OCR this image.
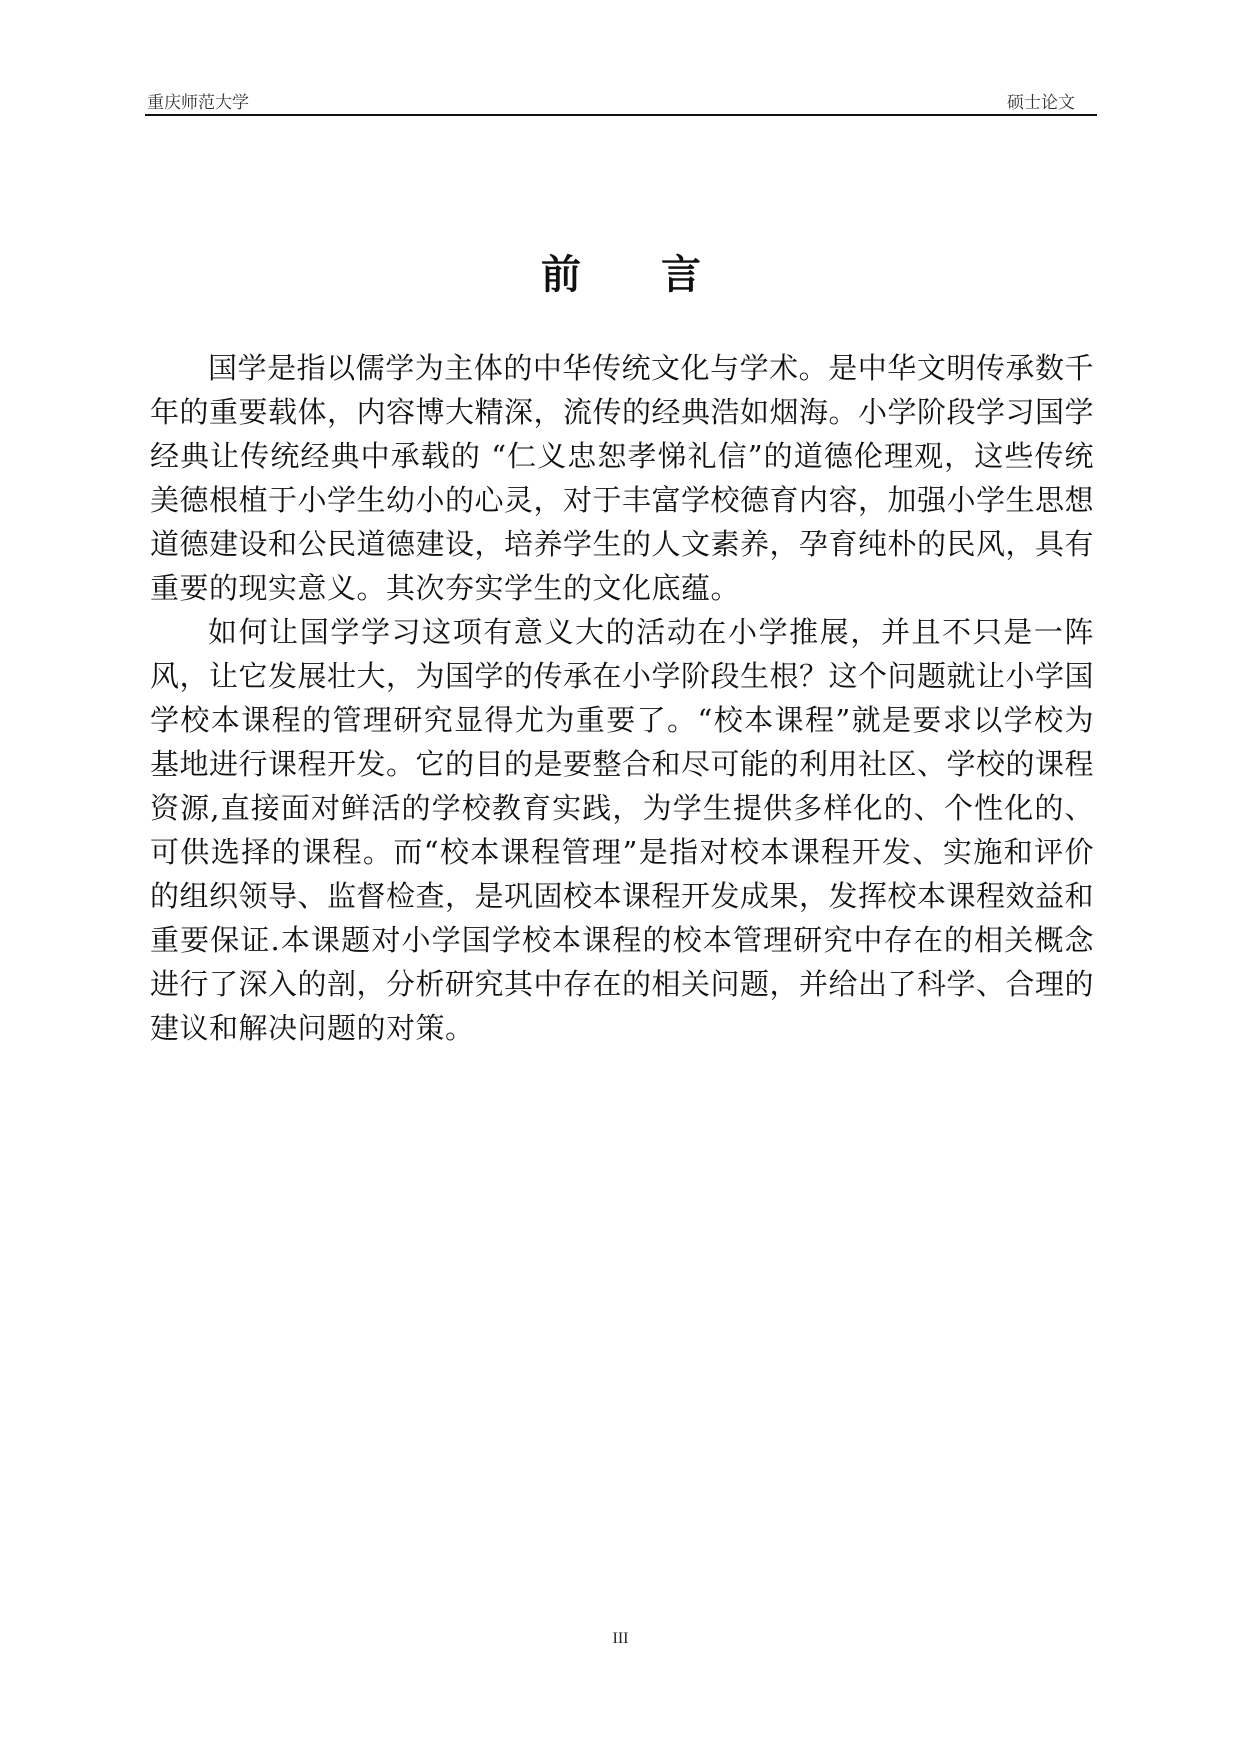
重庆师范大学	硕士论文
前言

国学是指以儒学为主体的中华传统文化与学术。是中华文明传承数千年的重要载体，内容博大精深，流传的经典浩如烟海。小学阶段学习国学经典让传统经典中承载的 “仁义忠恕孝悌礼信”的道德伦理观，这些传统美德根植于小学生幼小的心灵，对于丰富学校德育内容，加强小学生思想道德建设和公民道德建设，培养学生的人文素养，孕育纯朴的民风，具有重要的现实意义。其次夯实学生的文化底蕴。

如何让国学学习这项有意义大的活动在小学推展，并且不只是一阵风，让它发展壮大，为国学的传承在小学阶段生根？这个问题就让小学国学校本课程的管理研究显得尤为重要了。“校本课程”就是要求以学校为基地进行课程开发。它的目的是要整合和尽可能的利用社区、学校的课程资源,直接面对鲜活的学校教育实践，为学生提供多样化的、个性化的、可供选择的课程。而“校本课程管理”是指对校本课程开发、实施和评价的组织领导、监督检查，是巩固校本课程开发成果，发挥校本课程效益和重要保证.本课题对小学国学校本课程的校本管理研究中存在的相关概念进行了深入的剖，分析研究其中存在的相关问题，并给出了科学、合理的建议和解决问题的对策。

III
